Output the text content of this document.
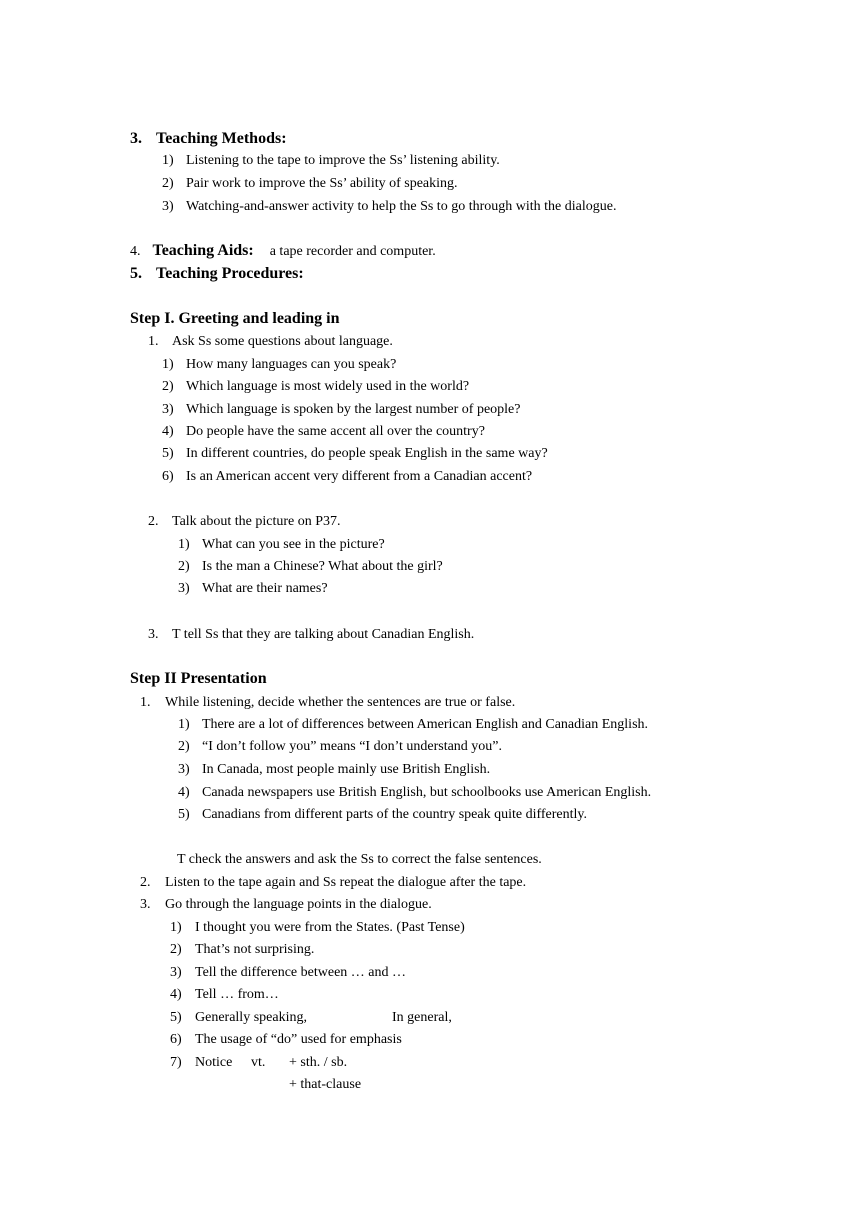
3. Teaching Methods:
1) Listening to the tape to improve the Ss’ listening ability.
2) Pair work to improve the Ss’ ability of speaking.
3) Watching-and-answer activity to help the Ss to go through with the dialogue.
4. Teaching Aids: a tape recorder and computer.
5. Teaching Procedures:
Step I. Greeting and leading in
1. Ask Ss some questions about language.
1) How many languages can you speak?
2) Which language is most widely used in the world?
3) Which language is spoken by the largest number of people?
4) Do people have the same accent all over the country?
5) In different countries, do people speak English in the same way?
6) Is an American accent very different from a Canadian accent?
2. Talk about the picture on P37.
1) What can you see in the picture?
2) Is the man a Chinese? What about the girl?
3) What are their names?
3. T tell Ss that they are talking about Canadian English.
Step II Presentation
1. While listening, decide whether the sentences are true or false.
1) There are a lot of differences between American English and Canadian English.
2) “I don’t follow you” means “I don’t understand you”.
3) In Canada, most people mainly use British English.
4) Canada newspapers use British English, but schoolbooks use American English.
5) Canadians from different parts of the country speak quite differently.
T check the answers and ask the Ss to correct the false sentences.
2. Listen to the tape again and Ss repeat the dialogue after the tape.
3. Go through the language points in the dialogue.
1) I thought you were from the States. (Past Tense)
2) That’s not surprising.
3) Tell the difference between … and …
4) Tell … from…
5) Generally speaking,	In general,
6) The usage of “do” used for emphasis
7) Notice vt. + sth. / sb.
+ that-clause
